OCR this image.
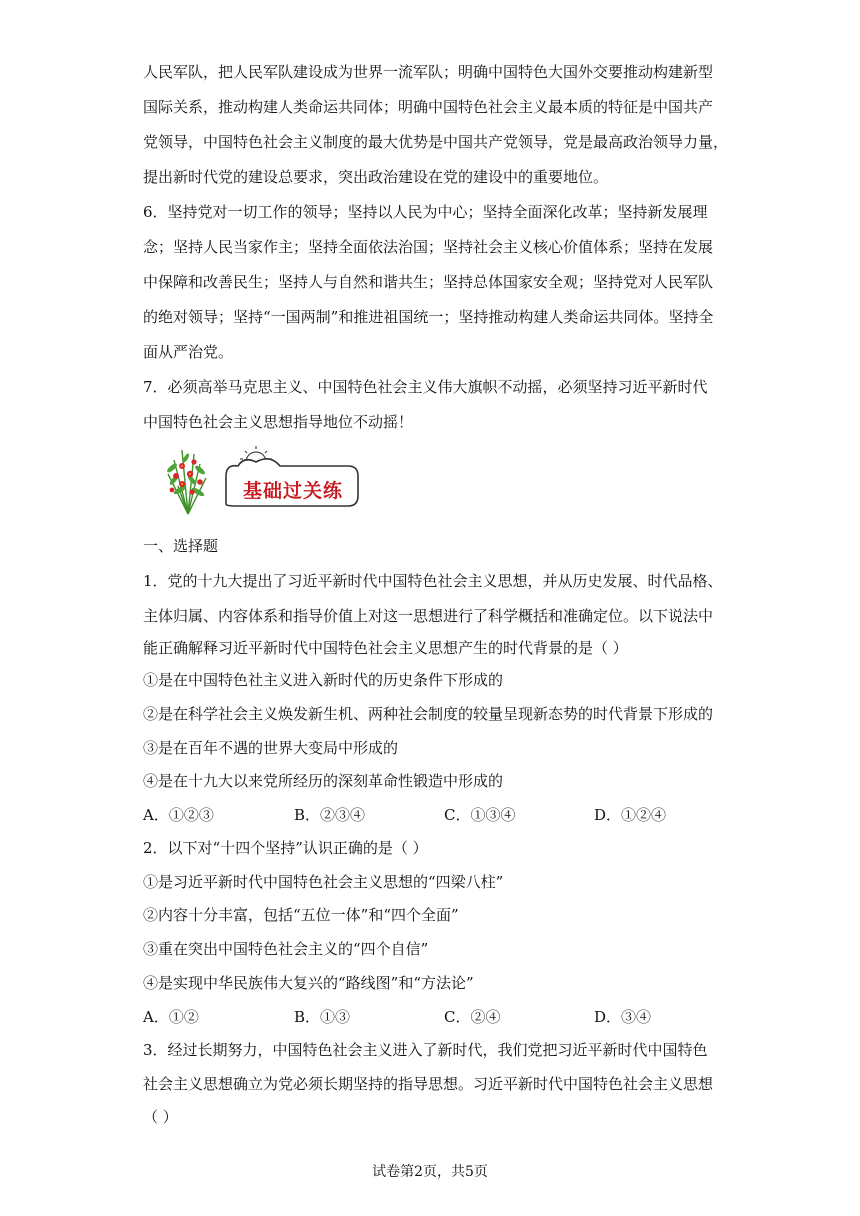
人民军队，把人民军队建设成为世界一流军队；明确中国特色大国外交要推动构建新型
国际关系，推动构建人类命运共同体；明确中国特色社会主义最本质的特征是中国共产
党领导，中国特色社会主义制度的最大优势是中国共产党领导，党是最高政治领导力量，
提出新时代党的建设总要求，突出政治建设在党的建设中的重要地位。
6．坚持党对一切工作的领导；坚持以人民为中心；坚持全面深化改革；坚持新发展理
念；坚持人民当家作主；坚持全面依法治国；坚持社会主义核心价值体系；坚持在发展
中保障和改善民生；坚持人与自然和谐共生；坚持总体国家安全观；坚持党对人民军队
的绝对领导；坚持“一国两制”和推进祖国统一；坚持推动构建人类命运共同体。坚持全
面从严治党。
7．必须高举马克思主义、中国特色社会主义伟大旗帜不动摇，必须坚持习近平新时代
中国特色社会主义思想指导地位不动摇！
基础过关练
一、选择题
1．党的十九大提出了习近平新时代中国特色社会主义思想，并从历史发展、时代品格、
主体归属、内容体系和指导价值上对这一思想进行了科学概括和准确定位。以下说法中
能正确解释习近平新时代中国特色社会主义思想产生的时代背景的是（ ）
①是在中国特色社主义进入新时代的历史条件下形成的
②是在科学社会主义焕发新生机、两种社会制度的较量呈现新态势的时代背景下形成的
③是在百年不遇的世界大变局中形成的
④是在十九大以来党所经历的深刻革命性锻造中形成的
A．①②③	B．②③④	C．①③④	D．①②④
2．以下对“十四个坚持”认识正确的是（ ）
①是习近平新时代中国特色社会主义思想的“四梁八柱”
②内容十分丰富，包括“五位一体”和“四个全面”
③重在突出中国特色社会主义的“四个自信”
④是实现中华民族伟大复兴的“路线图”和“方法论”
A．①②	B．①③	C．②④	D．③④
3．经过长期努力，中国特色社会主义进入了新时代，我们党把习近平新时代中国特色
社会主义思想确立为党必须长期坚持的指导思想。习近平新时代中国特色社会主义思想
（ ）
试卷第2页，共5页
